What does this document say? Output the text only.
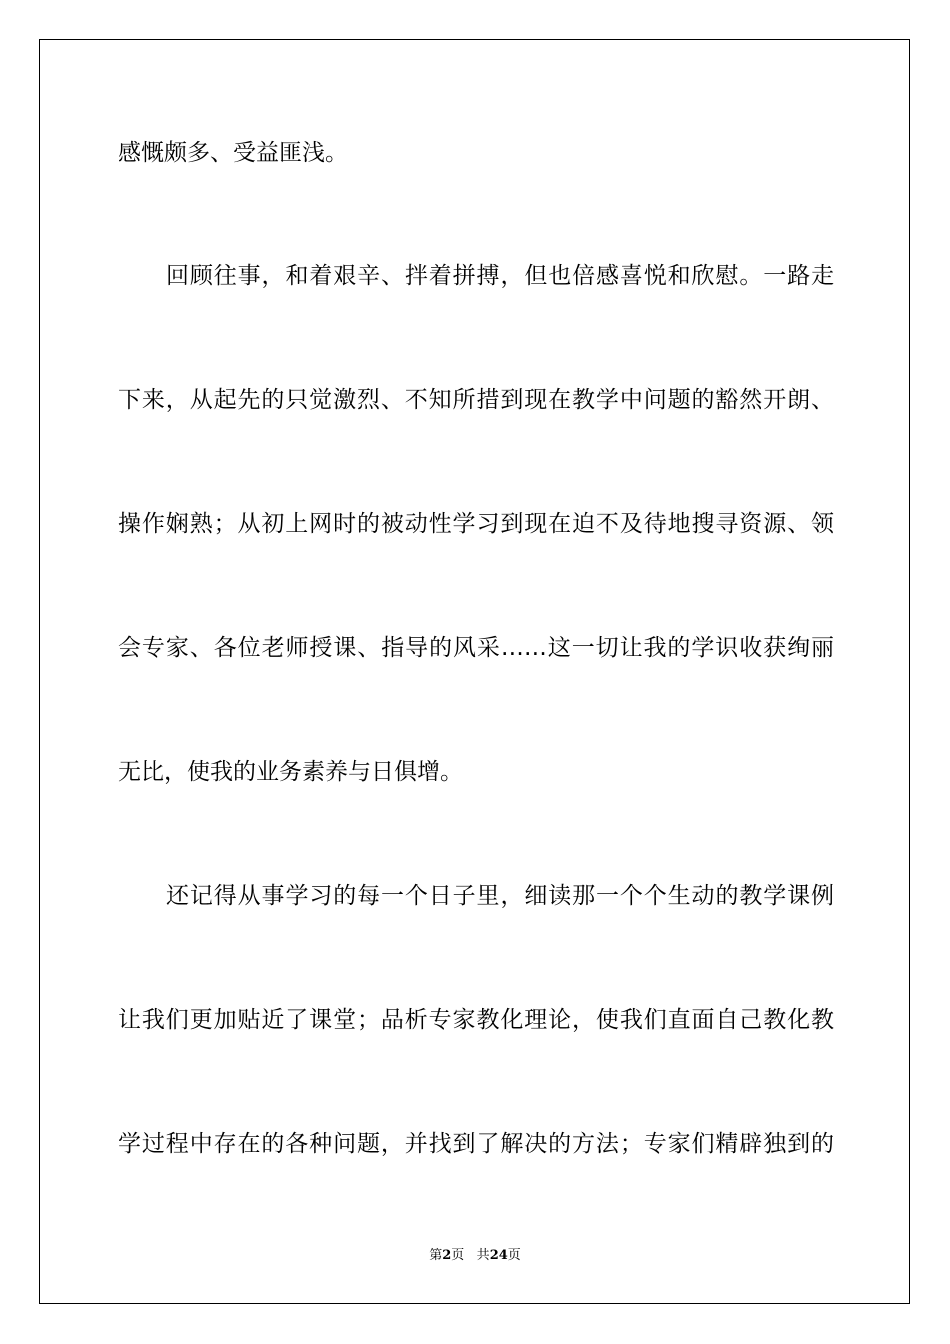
感慨颇多、受益匪浅。
回顾往事，和着艰辛、拌着拼搏，但也倍感喜悦和欣慰。一路走
下来，从起先的只觉激烈、不知所措到现在教学中问题的豁然开朗、
操作娴熟；从初上网时的被动性学习到现在迫不及待地搜寻资源、领
会专家、各位老师授课、指导的风采……这一切让我的学识收获绚丽
无比，使我的业务素养与日俱增。
还记得从事学习的每一个日子里，细读那一个个生动的教学课例
让我们更加贴近了课堂；品析专家教化理论，使我们直面自己教化教
学过程中存在的各种问题，并找到了解决的方法；专家们精辟独到的
第2页 共24页
